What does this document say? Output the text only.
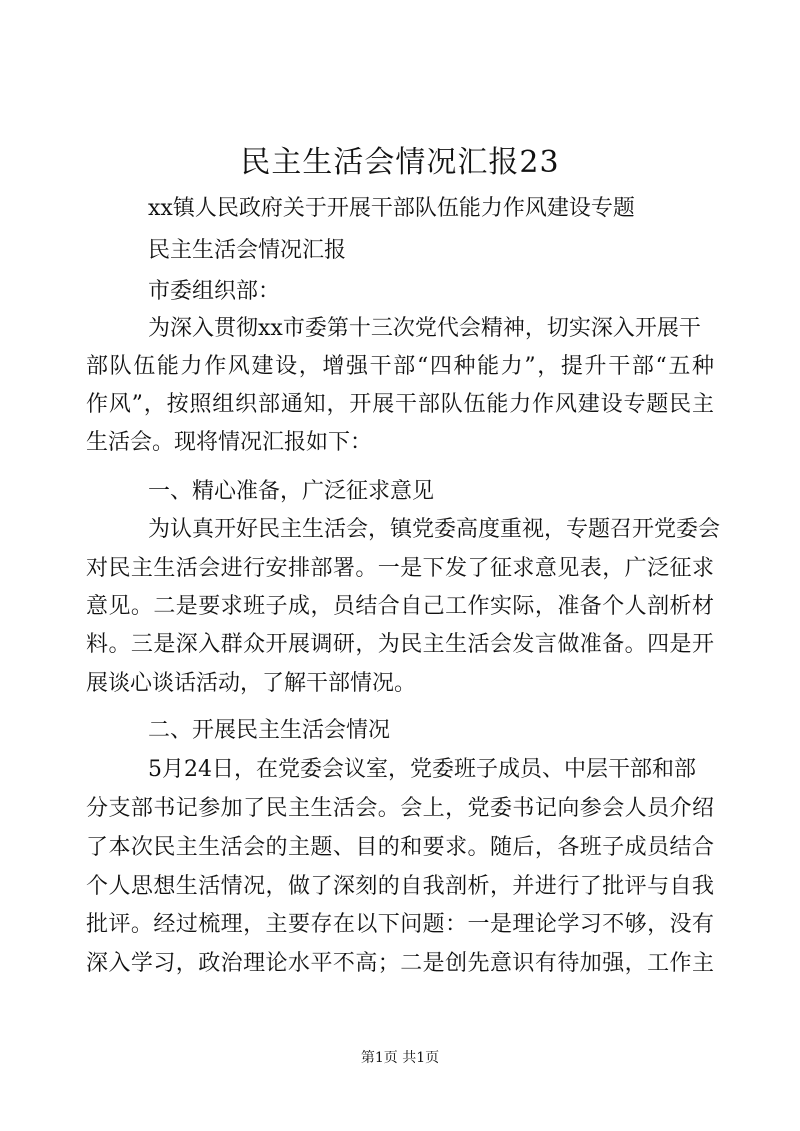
民主生活会情况汇报23
xx镇人民政府关于开展干部队伍能力作风建设专题
民主生活会情况汇报
市委组织部：
为深入贯彻xx市委第十三次党代会精神，切实深入开展干
部队伍能力作风建设，增强干部“四种能力”，提升干部“五种
作风”，按照组织部通知，开展干部队伍能力作风建设专题民主
生活会。现将情况汇报如下：
一、精心准备，广泛征求意见
为认真开好民主生活会，镇党委高度重视，专题召开党委会
对民主生活会进行安排部署。一是下发了征求意见表，广泛征求
意见。二是要求班子成，员结合自己工作实际，准备个人剖析材
料。三是深入群众开展调研，为民主生活会发言做准备。四是开
展谈心谈话活动，了解干部情况。
二、开展民主生活会情况
5月24日，在党委会议室，党委班子成员、中层干部和部
分支部书记参加了民主生活会。会上，党委书记向参会人员介绍
了本次民主生活会的主题、目的和要求。随后，各班子成员结合
个人思想生活情况，做了深刻的自我剖析，并进行了批评与自我
批评。经过梳理，主要存在以下问题：一是理论学习不够，没有
深入学习，政治理论水平不高；二是创先意识有待加强，工作主
第1页 共1页
